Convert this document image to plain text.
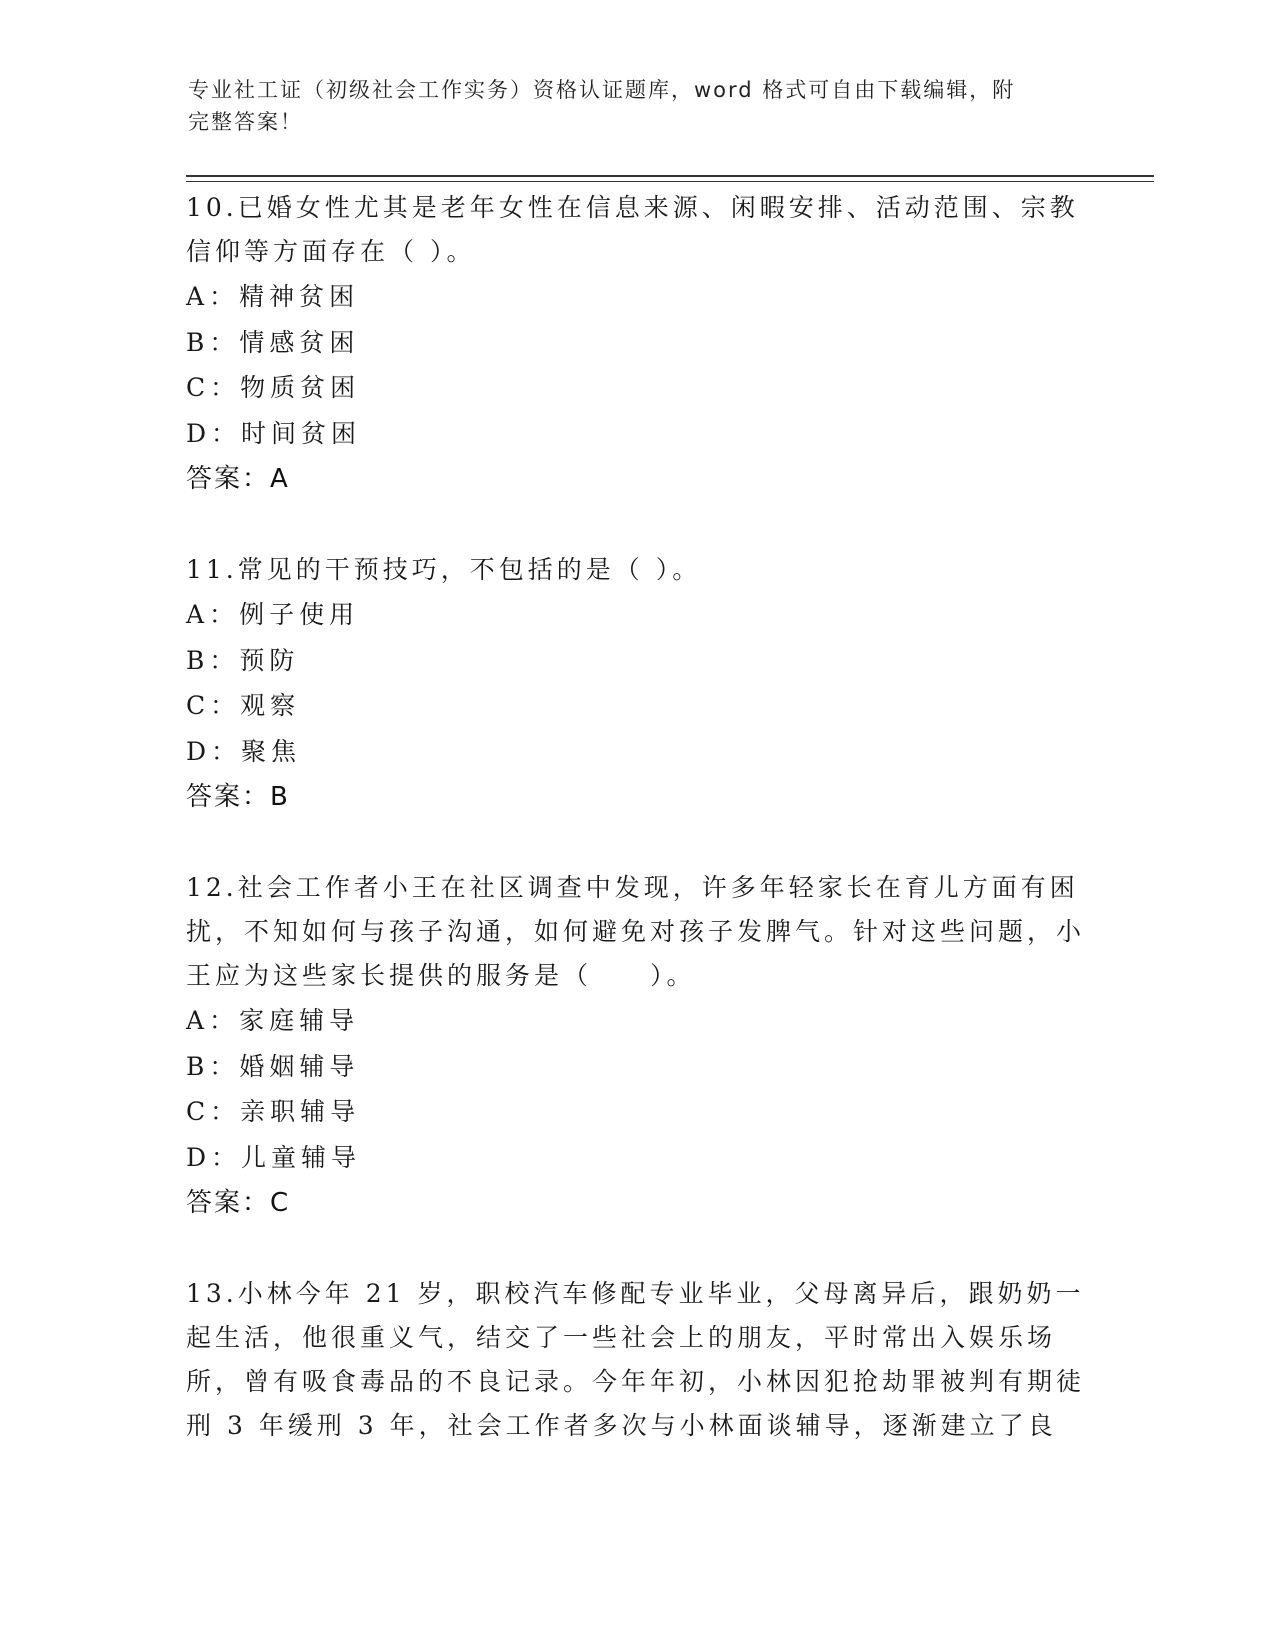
专业社工证（初级社会工作实务）资格认证题库，word 格式可自由下载编辑，附
完整答案！
10.已婚女性尤其是老年女性在信息来源、闲暇安排、活动范围、宗教信仰等方面存在（ ）。
A：精神贫困
B：情感贫困
C：物质贫困
D：时间贫困
答案：A
11.常见的干预技巧，不包括的是（ ）。
A：例子使用
B：预防
C：观察
D：聚焦
答案：B
12.社会工作者小王在社区调查中发现，许多年轻家长在育儿方面有困扰，不知如何与孩子沟通，如何避免对孩子发脾气。针对这些问题，小王应为这些家长提供的服务是（　　）。
A：家庭辅导
B：婚姻辅导
C：亲职辅导
D：儿童辅导
答案：C
13.小林今年 21 岁，职校汽车修配专业毕业，父母离异后，跟奶奶一起生活，他很重义气，结交了一些社会上的朋友，平时常出入娱乐场所，曾有吸食毒品的不良记录。今年年初，小林因犯抢劫罪被判有期徒刑 3 年缓刑 3 年，社会工作者多次与小林面谈辅导，逐渐建立了良
